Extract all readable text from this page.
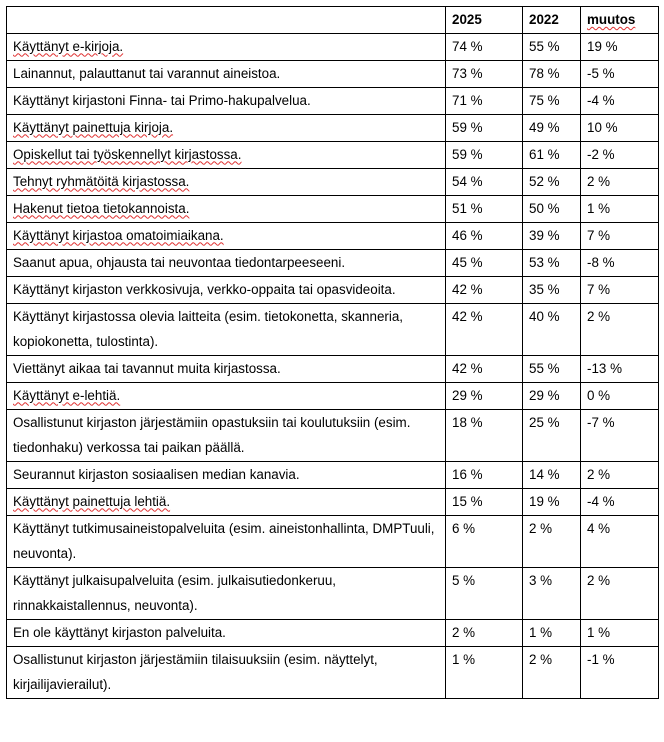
	2025	2022	muutos
Käyttänyt e-kirjoja.	74 %	55 %	19 %
Lainannut, palauttanut tai varannut aineistoa.	73 %	78 %	-5 %
Käyttänyt kirjastoni Finna- tai Primo-hakupalvelua.	71 %	75 %	-4 %
Käyttänyt painettuja kirjoja.	59 %	49 %	10 %
Opiskellut tai työskennellyt kirjastossa.	59 %	61 %	-2 %
Tehnyt ryhmätöitä kirjastossa.	54 %	52 %	2 %
Hakenut tietoa tietokannoista.	51 %	50 %	1 %
Käyttänyt kirjastoa omatoimiaikana.	46 %	39 %	7 %
Saanut apua, ohjausta tai neuvontaa tiedontarpeeseeni.	45 %	53 %	-8 %
Käyttänyt kirjaston verkkosivuja, verkko-oppaita tai opasvideoita.	42 %	35 %	7 %
Käyttänyt kirjastossa olevia laitteita (esim. tietokonetta, skanneria, kopiokonetta, tulostinta).	42 %	40 %	2 %
Viettänyt aikaa tai tavannut muita kirjastossa.	42 %	55 %	-13 %
Käyttänyt e-lehtiä.	29 %	29 %	0 %
Osallistunut kirjaston järjestämiin opastuksiin tai koulutuksiin (esim. tiedonhaku) verkossa tai paikan päällä.	18 %	25 %	-7 %
Seurannut kirjaston sosiaalisen median kanavia.	16 %	14 %	2 %
Käyttänyt painettuja lehtiä.	15 %	19 %	-4 %
Käyttänyt tutkimusaineistopalveluita (esim. aineistonhallinta, DMPTuuli, neuvonta).	6 %	2 %	4 %
Käyttänyt julkaisupalveluita (esim. julkaisutiedonkeruu, rinnakkaistallennus, neuvonta).	5 %	3 %	2 %
En ole käyttänyt kirjaston palveluita.	2 %	1 %	1 %
Osallistunut kirjaston järjestämiin tilaisuuksiin (esim. näyttelyt, kirjailijavierailut).	1 %	2 %	-1 %
